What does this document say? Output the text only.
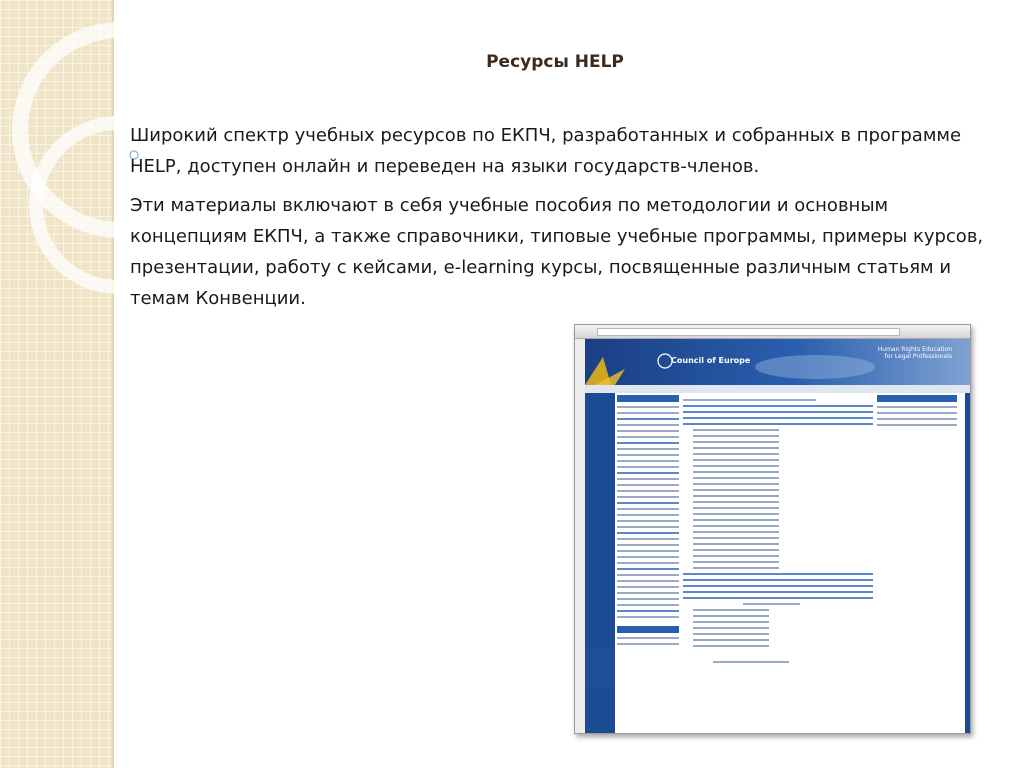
Ресурсы HELP
Широкий спектр учебных ресурсов по ЕКПЧ, разработанных и собранных в программе HELP, доступен онлайн и переведен на языки государств-членов.
Эти материалы включают в себя учебные пособия по методологии и основным концепциям ЕКПЧ, а также справочники, типовые учебные программы, примеры курсов, презентации, работу с кейсами, e-learning курсы, посвященные различным статьям и темам Конвенции.
Council of Europe
Human Rights Education
for Legal Professionals
